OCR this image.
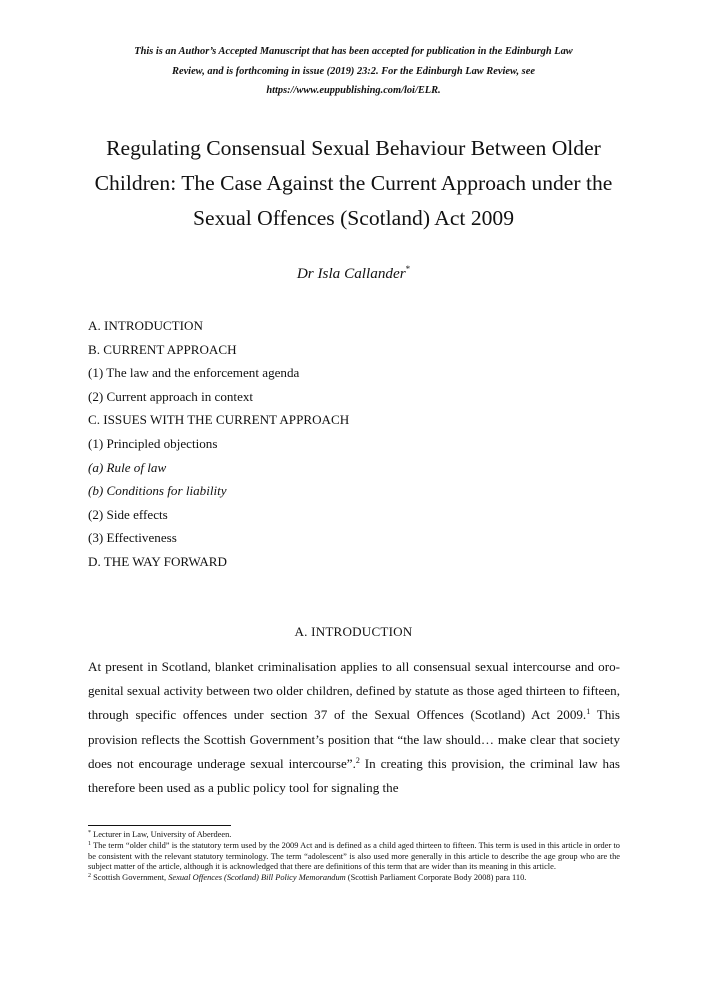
This is an Author’s Accepted Manuscript that has been accepted for publication in the Edinburgh Law
Review, and is forthcoming in issue (2019) 23:2. For the Edinburgh Law Review, see
https://www.euppublishing.com/loi/ELR.
Regulating Consensual Sexual Behaviour Between Older
Children: The Case Against the Current Approach under the
Sexual Offences (Scotland) Act 2009
Dr Isla Callander*
A. INTRODUCTION
B. CURRENT APPROACH
(1) The law and the enforcement agenda
(2) Current approach in context
C. ISSUES WITH THE CURRENT APPROACH
(1) Principled objections
(a) Rule of law
(b) Conditions for liability
(2) Side effects
(3) Effectiveness
D. THE WAY FORWARD
A. INTRODUCTION

At present in Scotland, blanket criminalisation applies to all consensual sexual intercourse and oro-genital sexual activity between two older children, defined by statute as those aged thirteen to fifteen, through specific offences under section 37 of the Sexual Offences (Scotland) Act 2009.$^1$ This provision reflects the Scottish Government’s position that “the law should… make clear that society does not encourage underage sexual intercourse”.$^2$ In creating this provision, the criminal law has therefore been used as a public policy tool for signaling the

* Lecturer in Law, University of Aberdeen.

$^1$ The term “older child” is the statutory term used by the 2009 Act and is defined as a child aged thirteen to fifteen. This term is used in this article in order to be consistent with the relevant statutory terminology. The term “adolescent” is also used more generally in this article to describe the age group who are the subject matter of the article, although it is acknowledged that there are definitions of this term that are wider than its meaning in this article.

$^2$ Scottish Government, Sexual Offences (Scotland) Bill Policy Memorandum (Scottish Parliament Corporate Body 2008) para 110.
